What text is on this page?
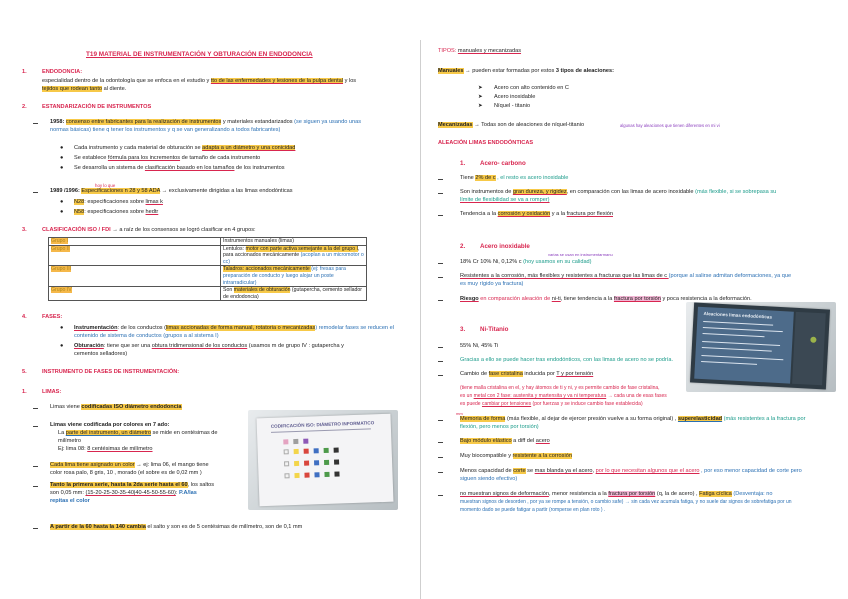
T19 MATERIAL DE INSTRUMENTACIÓN Y OBTURACIÓN EN ENDODONCIA
1.	ENDODONCIA:
especialidad dentro de la odontología que se enfoca en el estudio y tto de las enfermedades y lesiones de la pulpa dental y los
tejidos que rodean tanto al diente.
2.	ESTANDARIZACIÓN DE INSTRUMENTOS
1958: consenso entre fabricantes para la realización de instrumentos y materiales estandarizados (se siguen ya usando unas
normas básicas) tiene q tener los instrumentos y q se van generalizando a todos fabricantes)
● Cada instrumento y cada material de obturación se adapta a un diámetro y una conicidad
● Se establece fórmula para los incrementos de tamaño de cada instrumento
● Se desarrolla un sistema de clasificación basado en los tamaños de los instrumentos
hoy lo que
1989 /1996: Especificaciones n 28 y 58 ADA → exclusivamente dirigidas a las limas endodónticas
● N28: especificaciones sobre limas k
● N58: especificaciones sobre hedtr
3.	CLASIFICACIÓN ISO / FDI → a raíz de los consensos se logró clasificar en 4 grupos:
Grupo I	Instrumentos manuales (limas)
Grupo II	Lentulos: motor con parte activa semejante a la del grupo I, para accionados mecánicamente (acoplan a un micromotor o cc)
Grupo III	Taladros: accionados mecánicamente (ej: fresas para preparación de conducto y luego alojar un poste intrarradicular)
Grupo IV	Son materiales de obturación (gutapercha, cemento sellador de endodoncia)
4.	FASES:
● Instrumentación: de los conductos (limas accionadas de forma manual, rotatoria o mecanizadas) remodelar fases se reducen el
contenido de sistema de conductos (grupos a al sistema I)
● Obturación: tiene que ser una obtura tridimensional de los conductos (usamos m de grupo IV : gutapercha y
cementos selladores)
5.	INSTRUMENTO DE FASES DE INSTRUMENTACIÓN:
1.	LIMAS:
Limas viene codificadas ISO diámetro endodoncia
Limas viene codificada por colores en 7 ado:
La parte del instrumento, un diámetro se mide en centésimas de
milímetro
Ej: lima 08: 8 centésimas de milímetro
Cada lima tiene asignado un color → ej: lima 06, el mango tiene
color rosa palo, 8 gris, 10 , morado (el sobre es de 0,02 mm )
Tanto la primera serie, hasta la 2da serie hasta el 60, los saltos
son 0,05 mm: (15-20-25-30-35-40|40-45-50-55-60): P.A/las
repitas el color
A partir de la 60 hasta la 140 cambia el salto y son es de 5 centésimas de milímetro, son de 0,1 mm
CODIFICACIÓN ISO: DIÁMETRO INFORMATICO
TIPOS: manuales y mecanizadas
Manuales → pueden estar formadas por estos 3 tipos de aleaciones:
➤ Acero con alto contenido en C
➤ Acero inoxidable
➤ Níquel - titanio
Mecanizadas → Todas son de aleaciones de níquel-titanio	algunas hay aleaciones que tienen diferentes en mi vi
ALEACIÓN LIMAS ENDODÓNTICAS
1. Acero- carbono
Tiene 2% de c , el resto es acero inoxidable
Son instrumentos de gran dureza, y rigidez, en comparación con las limas de acero inoxidable (más flexible, si se sobrepasa su
límite de flexibilidad se va a romper)
Tendencia a la corrosión y oxidación y a la fractura por flexión
2. Acero inoxidable
varias se usan en instrumentarmanu
18% Cr 10% Ni, 0,12% c (hoy usamos en su calidad)
Resistentes a la corrosión, más flexibles y resistentes a fracturas que las limas de c (porque al salirse admitan deformaciones, ya que
es muy rígido ya fractura)
Riesgo en comparación aleación de ni-ti, tiene tendencia a la fractura por torsión y poca resistencia a la deformación.
3. Ni-Titanio
55% Ni, 45% Ti
Gracias a ello se puede hacer tras endodónticos, con las limas de acero no se podría.
Cambio de fase cristalina inducida por T y por tensión
(tiene malla cristalina en el, y hay átomos de ti y ni, y es permite cambio de fase cristalina,
es un metal con 2 fase: austenita y martensita y va ni temperatura → cada una de esas fases
es puede cambiar por tensiones (por fuerzas y se induce cambio fase establecida)
mm
Memoria de forma (más flexible, al dejar de ejercer presión vuelve a su forma original) , superelasticidad (más resistentes a la fractura por
flexión, pero menos por torsión)
Bajo módulo elástico a diff del acero
Muy biocompatible y resistente a la corrosión
Menos capacidad de corte se mas blanda ya el acero, por lo que necesitan algunos que el acero , por eso menor capacidad de corte pero
siguen siendo efectivo)
no muestran signos de deformación, menor resistencia a la fractura por torsión (q, la de acero) , Fatiga cíclica (Desventaja: no
muestran signos de desorden , por ya se rompe a tensión, o cambio safe) → sin cada vez acumula fatiga, y no suele dar signos de sobrefatiga por un
momento dado se puede fatigar a partir (romperse en plan roto ) .
Aleaciones limas endodónticas
